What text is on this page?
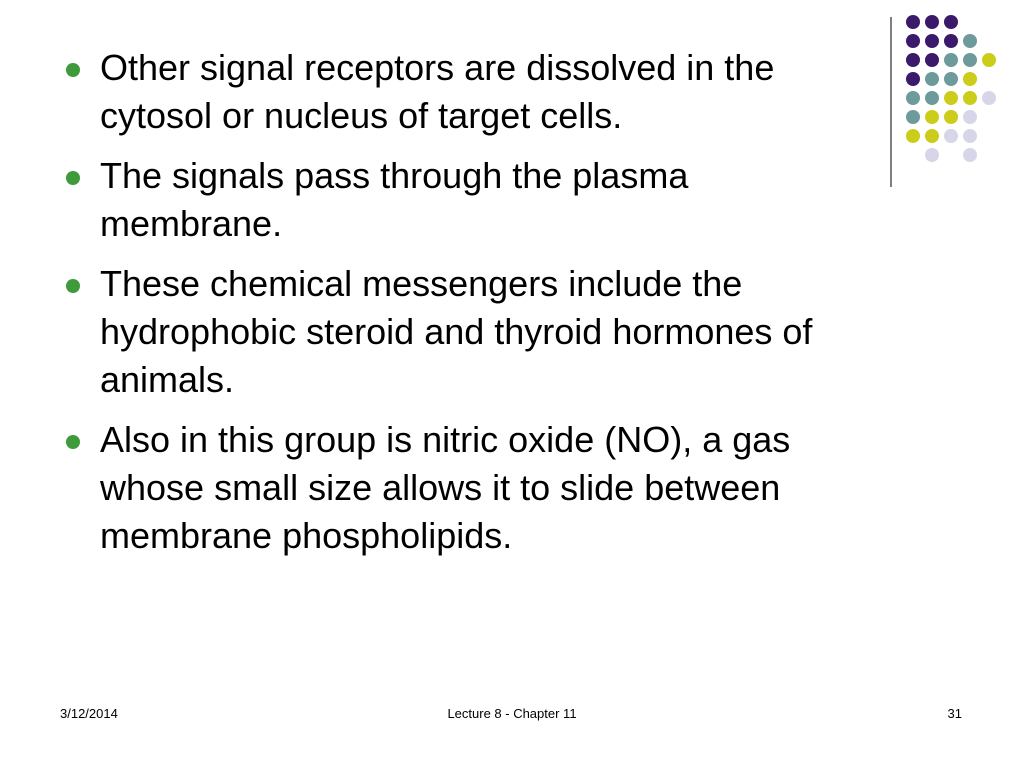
Other signal receptors are dissolved in the cytosol or nucleus of target cells.
The signals pass through the plasma membrane.
These chemical messengers include the hydrophobic steroid and thyroid hormones of animals.
Also in this group is nitric oxide (NO), a gas whose small size allows it to slide between membrane phospholipids.
3/12/2014	Lecture 8 - Chapter 11	31
